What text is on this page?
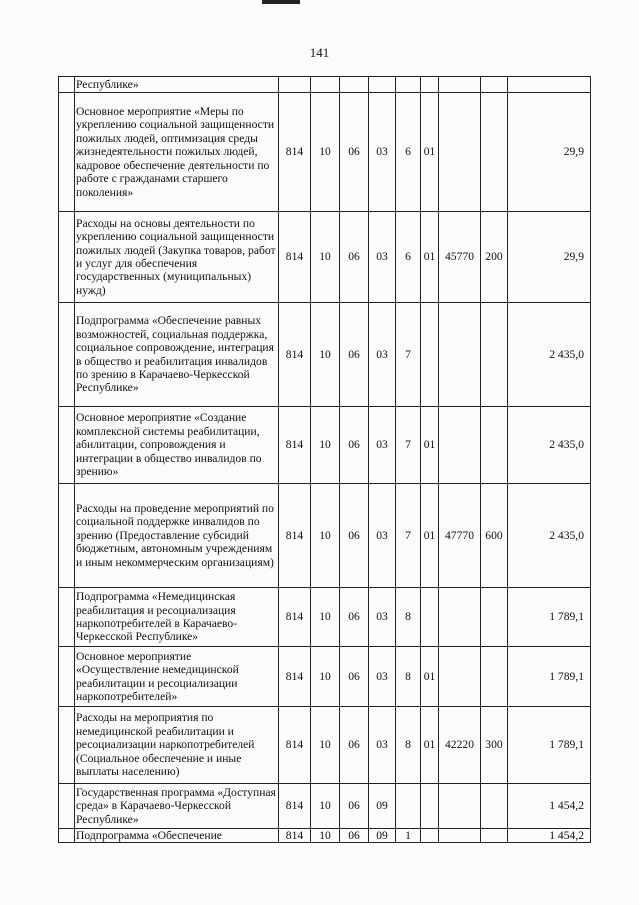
141
	Республике»									
	Основное мероприятие «Меры по укреплению социальной защищенности пожилых людей, оптимизация среды жизнедеятельности пожилых людей, кадровое обеспечение деятельности по работе с гражданами старшего поколения»	814	10	06	03	6	01			29,9
	Расходы на основы деятельности по укреплению социальной защищенности пожилых людей (Закупка товаров, работ и услуг для обеспечения государственных (муниципальных) нужд)	814	10	06	03	6	01	45770	200	29,9
	Подпрограмма «Обеспечение равных возможностей, социальная поддержка, социальное сопровождение, интеграция в общество и реабилитация инвалидов по зрению в Карачаево-Черкесской Республике»	814	10	06	03	7				2 435,0
	Основное мероприятие «Создание комплексной системы реабилитации, абилитации, сопровождения и интеграции в общество инвалидов по зрению»	814	10	06	03	7	01			2 435,0
	Расходы на проведение мероприятий по социальной поддержке инвалидов по зрению (Предоставление субсидий бюджетным, автономным учреждениям и иным некоммерческим организациям)	814	10	06	03	7	01	47770	600	2 435,0
	Подпрограмма «Немедицинская реабилитация и ресоциализация наркопотребителей в Карачаево-Черкесской Республике»	814	10	06	03	8				1 789,1
	Основное мероприятие «Осуществление немедицинской реабилитации и ресоциализации наркопотребителей»	814	10	06	03	8	01			1 789,1
	Расходы на мероприятия по немедицинской реабилитации и ресоциализации наркопотребителей (Социальное обеспечение и иные выплаты населению)	814	10	06	03	8	01	42220	300	1 789,1
	Государственная программа «Доступная среда» в Карачаево-Черкесской Республике»	814	10	06	09					1 454,2
	Подпрограмма «Обеспечение	814	10	06	09	1				1 454,2
